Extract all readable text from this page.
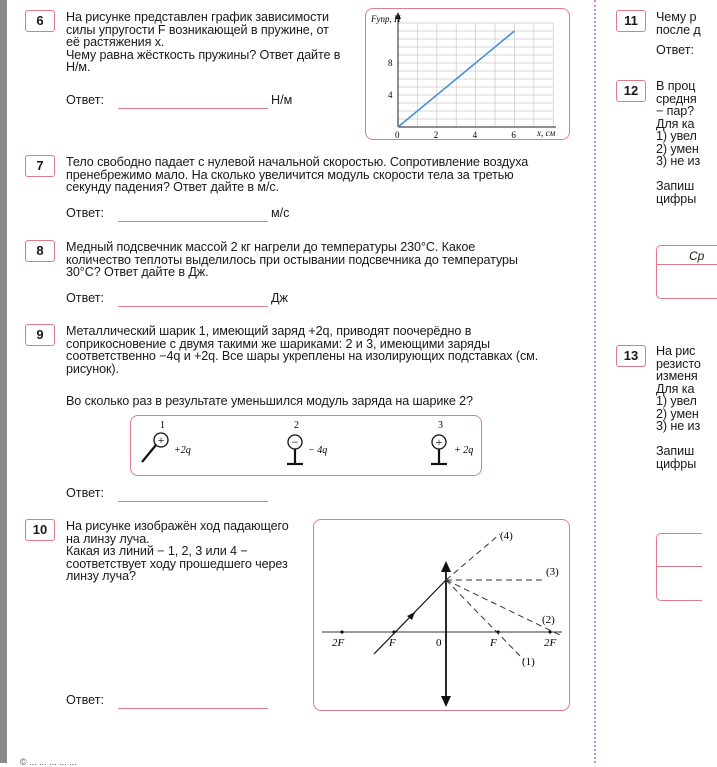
6	На рисунке представлен график зависимости
силы упругости F возникающей в пружине, от
её растяжения x.
Чему равна жёсткость пружины? Ответ дайте в
Н/м.
Ответ:	Н/м
Fупр, Н
x, см
0	2	4	6
4
8
7	Тело свободно падает с нулевой начальной скоростью. Сопротивление воздуха
пренебрежимо мало. На сколько увеличится модуль скорости тела за третью
секунду падения? Ответ дайте в м/с.
Ответ:	м/с
8	Медный подсвечник массой 2 кг нагрели до температуры 230°С. Какое
количество теплоты выделилось при остывании подсвечника до температуры
30°С? Ответ дайте в Дж.
Ответ:	Дж
9	Металлический шарик 1, имеющий заряд +2q, приводят поочерёдно в
соприкосновение с двумя такими же шариками: 2 и 3, имеющими заряды
соответственно −4q и +2q. Все шары укреплены на изолирующих подставках (см.
рисунок).
Во сколько раз в результате уменьшился модуль заряда на шарике 2?
1
+
+2q
2
−
− 4q
3
+
+ 2q
Ответ:
10	На рисунке изображён ход падающего
на линзу луча.
Какая из линий − 1, 2, 3 или 4 −
соответствует ходу прошедшего через
линзу луча?
2F	F	0	F	2F
(4)
(3)
(2)
(1)
Ответ:
11	Чему р
после д
Ответ:
12	В проц
средня
− пар?
Для ка
1) увел
2) умен
3) не из
Запиш
цифры
Ср
13	На рис
резисто
изменя
Для ка
1) увел
2) умен
3) не из
Запиш
цифры
© ... ... ... ... ...
